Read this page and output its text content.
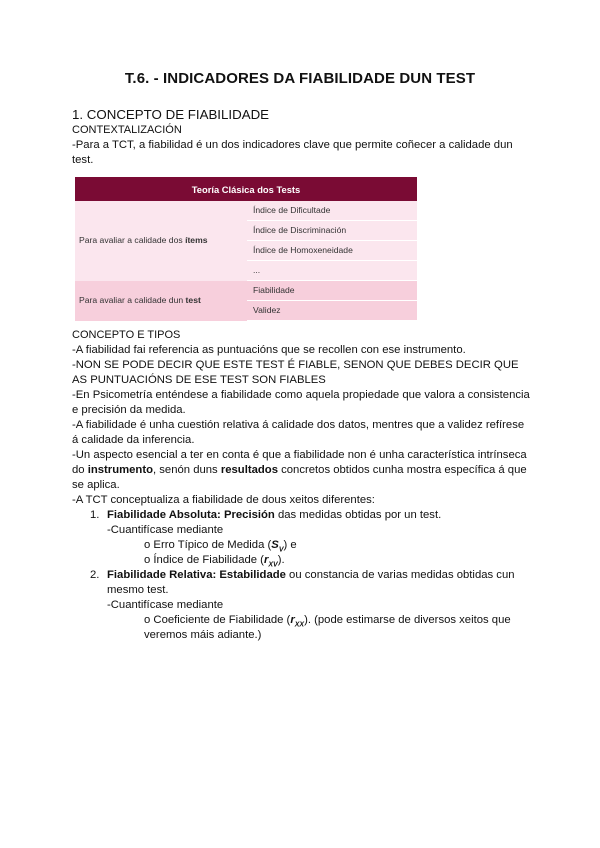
T.6. - INDICADORES DA FIABILIDADE DUN TEST

1. CONCEPTO DE FIABILIDADE

CONTEXTALIZACIÓN

-Para a TCT, a fiabilidad é un dos indicadores clave que permite coñecer a calidade dun test.

Teoría Clásica dos Tests	
Para avaliar a calidade dos ítems	Índice de Dificultade
	Índice de Discriminación
	Índice de Homoxeneidade
	...
Para avaliar a calidade dun test	Fiabilidade
	Validez

CONCEPTO E TIPOS

-A fiabilidad fai referencia as puntuacións que se recollen con ese instrumento.

-NON SE PODE DECIR QUE ESTE TEST É FIABLE, SENON QUE DEBES DECIR QUE AS PUNTUACIÓNS DE ESE TEST SON FIABLES

-En Psicometría enténdese a fiabilidade como aquela propiedade que valora a consistencia e precisión da medida.

-A fiabilidade é unha cuestión relativa á calidade dos datos, mentres que a validez refírese á calidade da inferencia.

-Un aspecto esencial a ter en conta é que a fiabilidade non é unha característica intrínseca do instrumento, senón duns resultados concretos obtidos cunha mostra específica á que se aplica.

-A TCT conceptualiza a fiabilidade de dous xeitos diferentes:

1. Fiabilidade Absoluta: Precisión das medidas obtidas por un test.
-Cuantifícase mediante
o Erro Típico de Medida $(S_V)$ e
o Índice de Fiabilidade $(r_{XV})$.
2. Fiabilidade Relativa: Estabilidade ou constancia de varias medidas obtidas cun mesmo test.
-Cuantifícase mediante
o Coeficiente de Fiabilidade $(r_{XX})$. (pode estimarse de diversos xeitos que veremos máis adiante.)
